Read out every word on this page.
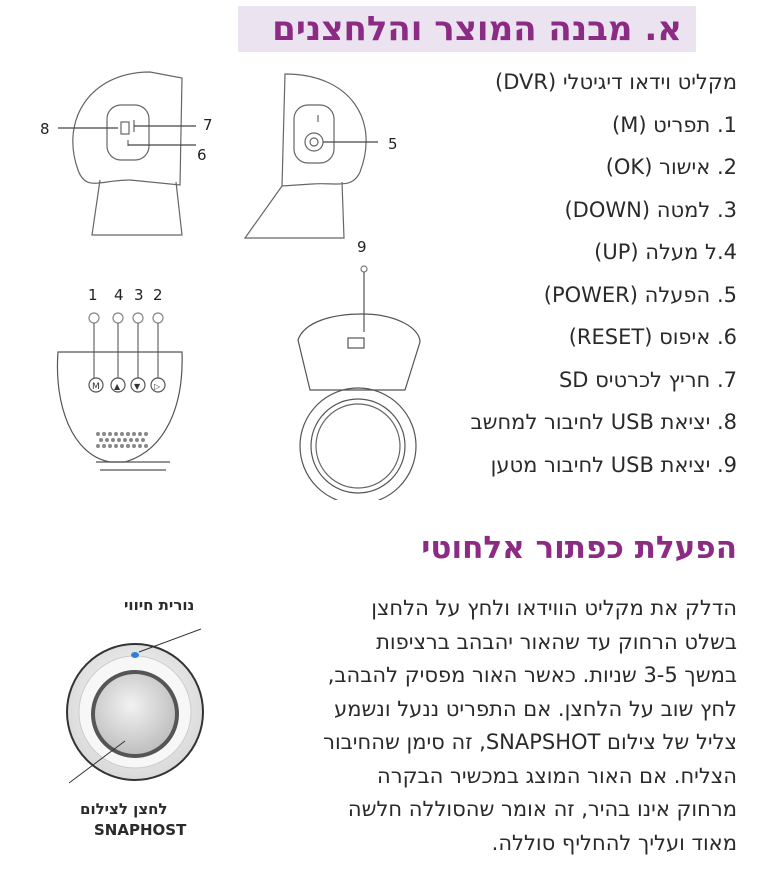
א. מבנה המוצר והלחצנים
מקליט וידאו דיגיטלי (DVR)
1. תפריט (M)
2. אישור (OK)
3. למטה (DOWN)
4.ל מעלה (UP)
5. הפעלה (POWER)
6. איפוס (RESET)
7. חריץ לכרטיס SD
8. יציאת USB לחיבור למחשב
9. יציאת USB לחיבור מטען
8	7
6
5
1 4 3 2
M ▲ ▼ ▷
9
הפעלת כפתור אלחוטי
הדלק את מקליט הווידאו ולחץ על הלחצן
בשלט הרחוק עד שהאור יהבהב ברציפות
במשך 3-5 שניות. כאשר האור מפסיק להבהב,
לחץ שוב על הלחצן. אם התפריט ננעל ונשמע
צליל של צילום SNAPSHOT, זה סימן שהחיבור
הצליח. אם האור המוצג במכשיר הבקרה
מרחוק אינו בהיר, זה אומר שהסוללה חלשה
מאוד ועליך להחליף סוללה.
נורית חיווי
לחצן לצילום
SNAPHOST
